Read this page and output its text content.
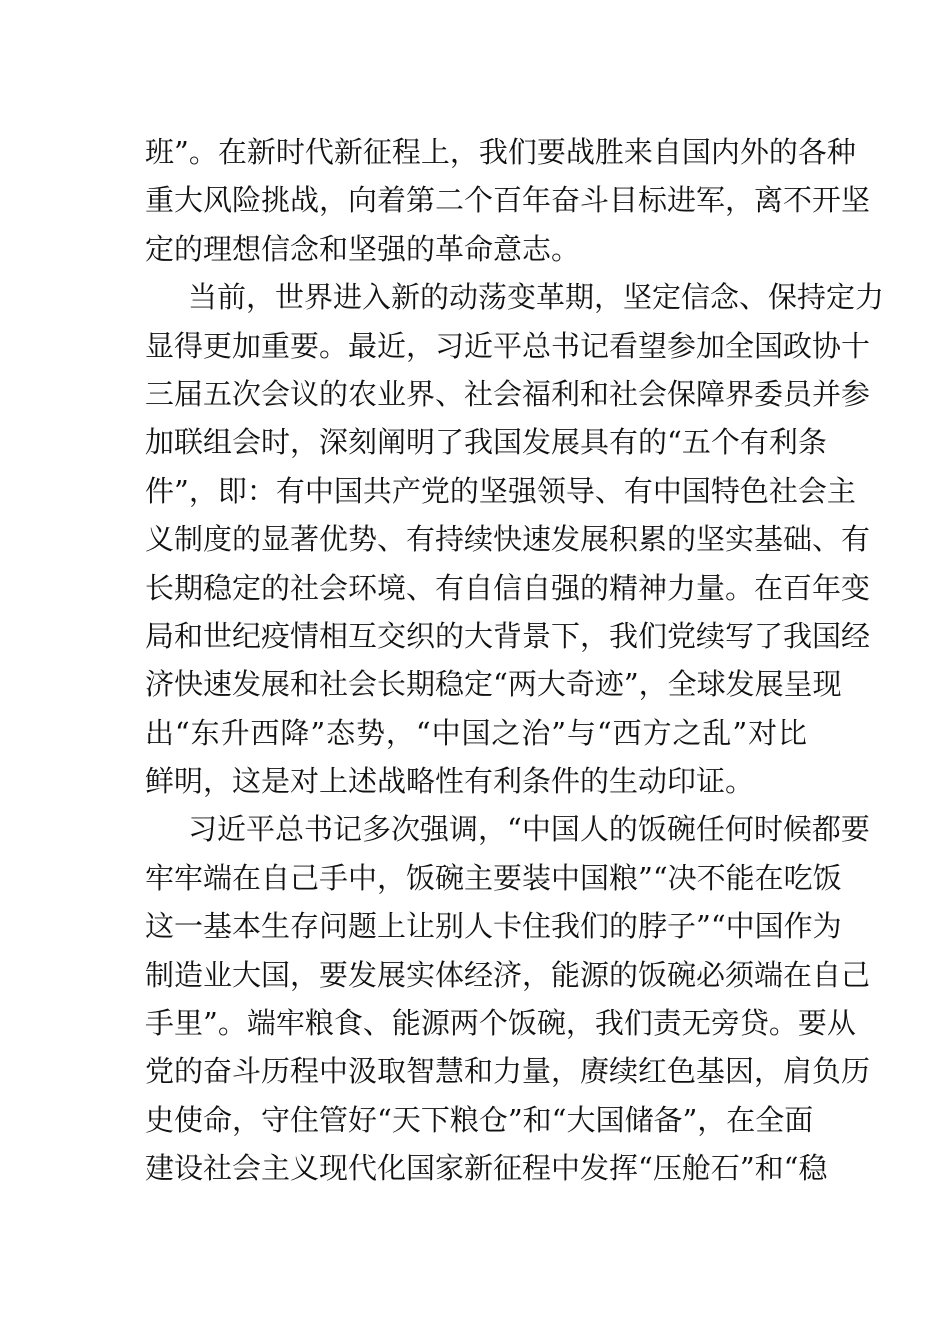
班”。在新时代新征程上，我们要战胜来自国内外的各种
重大风险挑战，向着第二个百年奋斗目标进军，离不开坚
定的理想信念和坚强的革命意志。
当前，世界进入新的动荡变革期，坚定信念、保持定力
显得更加重要。最近，习近平总书记看望参加全国政协十
三届五次会议的农业界、社会福利和社会保障界委员并参
加联组会时，深刻阐明了我国发展具有的“五个有利条
件”，即：有中国共产党的坚强领导、有中国特色社会主
义制度的显著优势、有持续快速发展积累的坚实基础、有
长期稳定的社会环境、有自信自强的精神力量。在百年变
局和世纪疫情相互交织的大背景下，我们党续写了我国经
济快速发展和社会长期稳定“两大奇迹”，全球发展呈现
出“东升西降”态势，“中国之治”与“西方之乱”对比
鲜明，这是对上述战略性有利条件的生动印证。
习近平总书记多次强调，“中国人的饭碗任何时候都要
牢牢端在自己手中，饭碗主要装中国粮”“决不能在吃饭
这一基本生存问题上让别人卡住我们的脖子”“中国作为
制造业大国，要发展实体经济，能源的饭碗必须端在自己
手里”。端牢粮食、能源两个饭碗，我们责无旁贷。要从
党的奋斗历程中汲取智慧和力量，赓续红色基因，肩负历
史使命，守住管好“天下粮仓”和“大国储备”，在全面
建设社会主义现代化国家新征程中发挥“压舱石”和“稳
